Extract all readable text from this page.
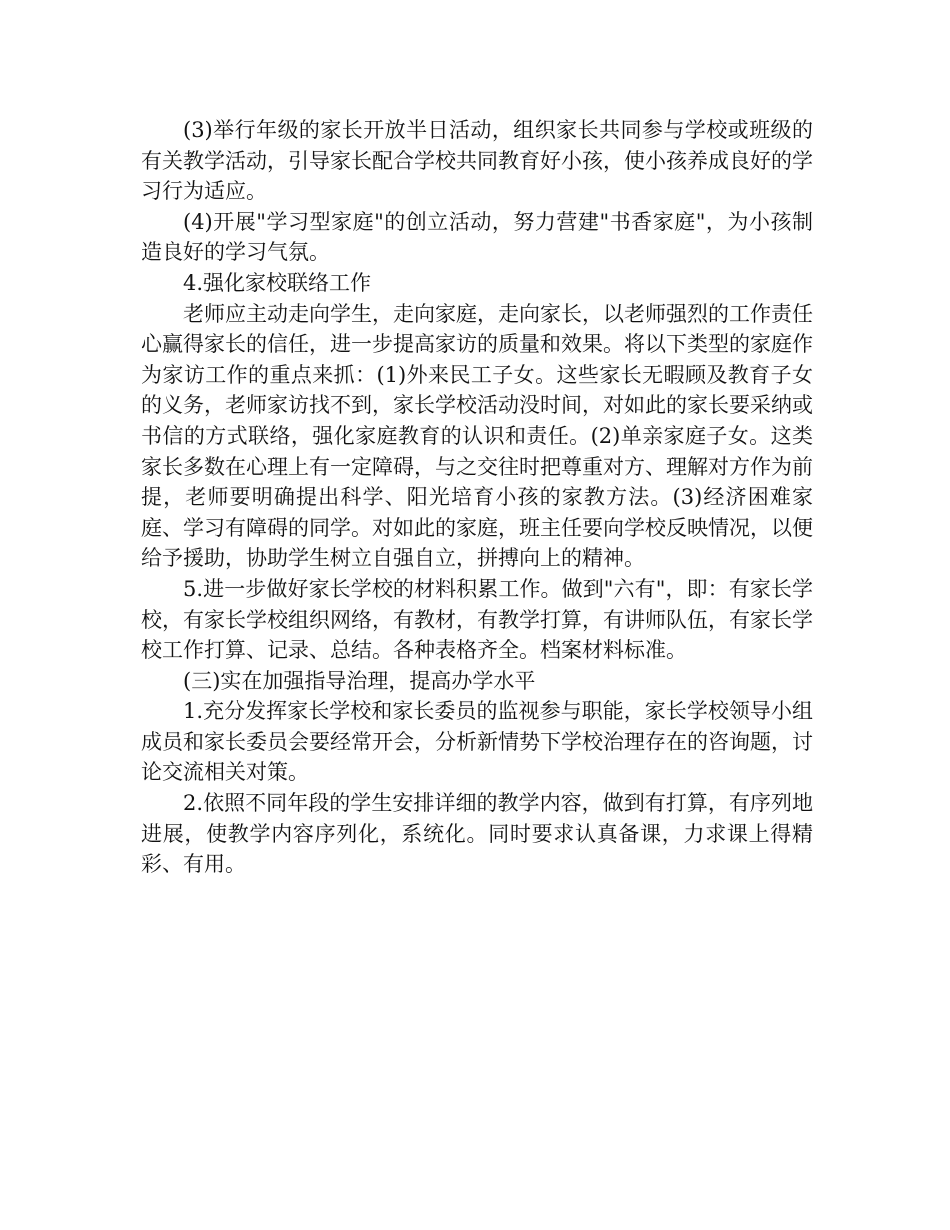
(3)举行年级的家长开放半日活动，组织家长共同参与学校或班级的有关教学活动，引导家长配合学校共同教育好小孩，使小孩养成良好的学习行为适应。

(4)开展"学习型家庭"的创立活动，努力营建"书香家庭"，为小孩制造良好的学习气氛。

4.强化家校联络工作

老师应主动走向学生，走向家庭，走向家长，以老师强烈的工作责任心赢得家长的信任，进一步提高家访的质量和效果。将以下类型的家庭作为家访工作的重点来抓：(1)外来民工子女。这些家长无暇顾及教育子女的义务，老师家访找不到，家长学校活动没时间，对如此的家长要采纳或书信的方式联络，强化家庭教育的认识和责任。(2)单亲家庭子女。这类家长多数在心理上有一定障碍，与之交往时把尊重对方、理解对方作为前提，老师要明确提出科学、阳光培育小孩的家教方法。(3)经济困难家庭、学习有障碍的同学。对如此的家庭，班主任要向学校反映情况，以便给予援助，协助学生树立自强自立，拼搏向上的精神。

5.进一步做好家长学校的材料积累工作。做到"六有"，即：有家长学校，有家长学校组织网络，有教材，有教学打算，有讲师队伍，有家长学校工作打算、记录、总结。各种表格齐全。档案材料标准。

(三)实在加强指导治理，提高办学水平

1.充分发挥家长学校和家长委员的监视参与职能，家长学校领导小组成员和家长委员会要经常开会，分析新情势下学校治理存在的咨询题，讨论交流相关对策。

2.依照不同年段的学生安排详细的教学内容，做到有打算，有序列地进展，使教学内容序列化，系统化。同时要求认真备课，力求课上得精彩、有用。
